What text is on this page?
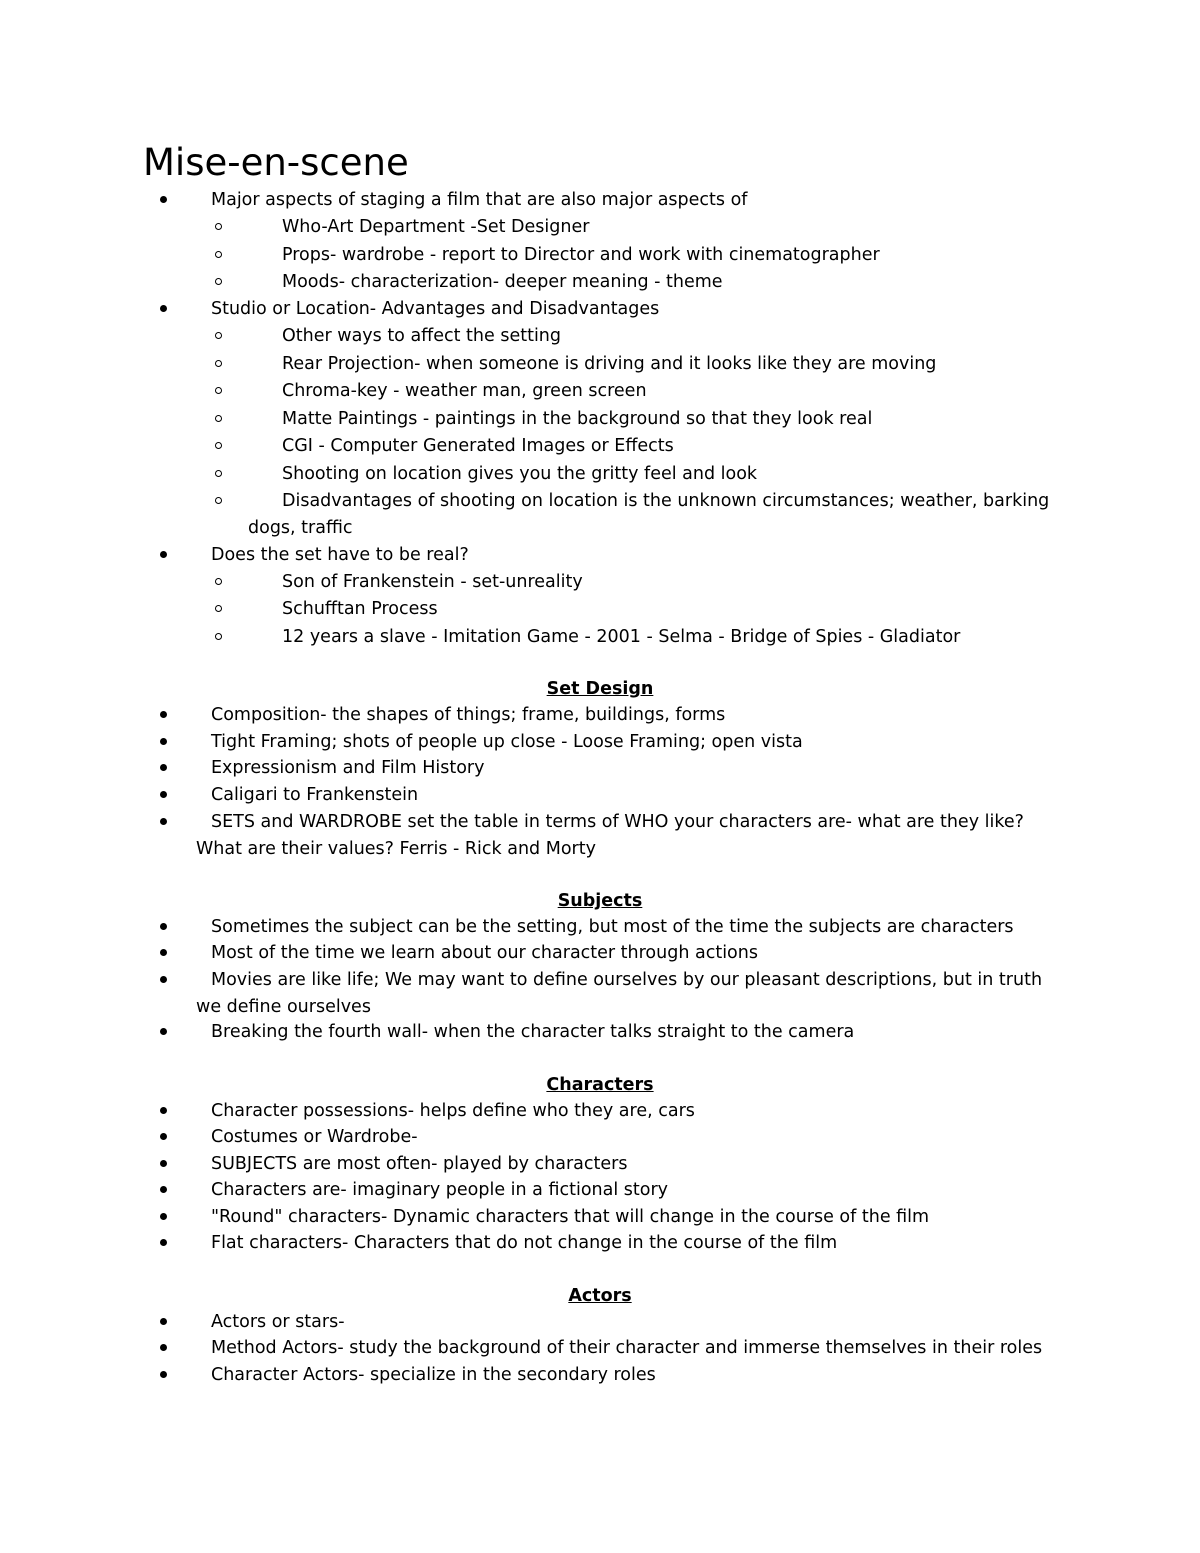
Mise-en-scene
Major aspects of staging a film that are also major aspects of
Who-Art Department -Set Designer
Props- wardrobe - report to Director and work with cinematographer
Moods- characterization- deeper meaning - theme
Studio or Location- Advantages and Disadvantages
Other ways to affect the setting
Rear Projection- when someone is driving and it looks like they are moving
Chroma-key - weather man, green screen
Matte Paintings - paintings in the background so that they look real
CGI - Computer Generated Images or Effects
Shooting on location gives you the gritty feel and look
Disadvantages of shooting on location is the unknown circumstances; weather, barking
dogs, traffic
Does the set have to be real?
Son of Frankenstein - set-unreality
Schufftan Process
12 years a slave - Imitation Game - 2001 - Selma - Bridge of Spies - Gladiator
Set Design
Composition- the shapes of things; frame, buildings, forms
Tight Framing; shots of people up close - Loose Framing; open vista
Expressionism and Film History
Caligari to Frankenstein
SETS and WARDROBE set the table in terms of WHO your characters are- what are they like?
What are their values? Ferris - Rick and Morty
Subjects
Sometimes the subject can be the setting, but most of the time the subjects are characters
Most of the time we learn about our character through actions
Movies are like life; We may want to define ourselves by our pleasant descriptions, but in truth
we define ourselves
Breaking the fourth wall- when the character talks straight to the camera
Characters
Character possessions- helps define who they are, cars
Costumes or Wardrobe-
SUBJECTS are most often- played by characters
Characters are- imaginary people in a fictional story
"Round" characters- Dynamic characters that will change in the course of the film
Flat characters- Characters that do not change in the course of the film
Actors
Actors or stars-
Method Actors- study the background of their character and immerse themselves in their roles
Character Actors- specialize in the secondary roles
